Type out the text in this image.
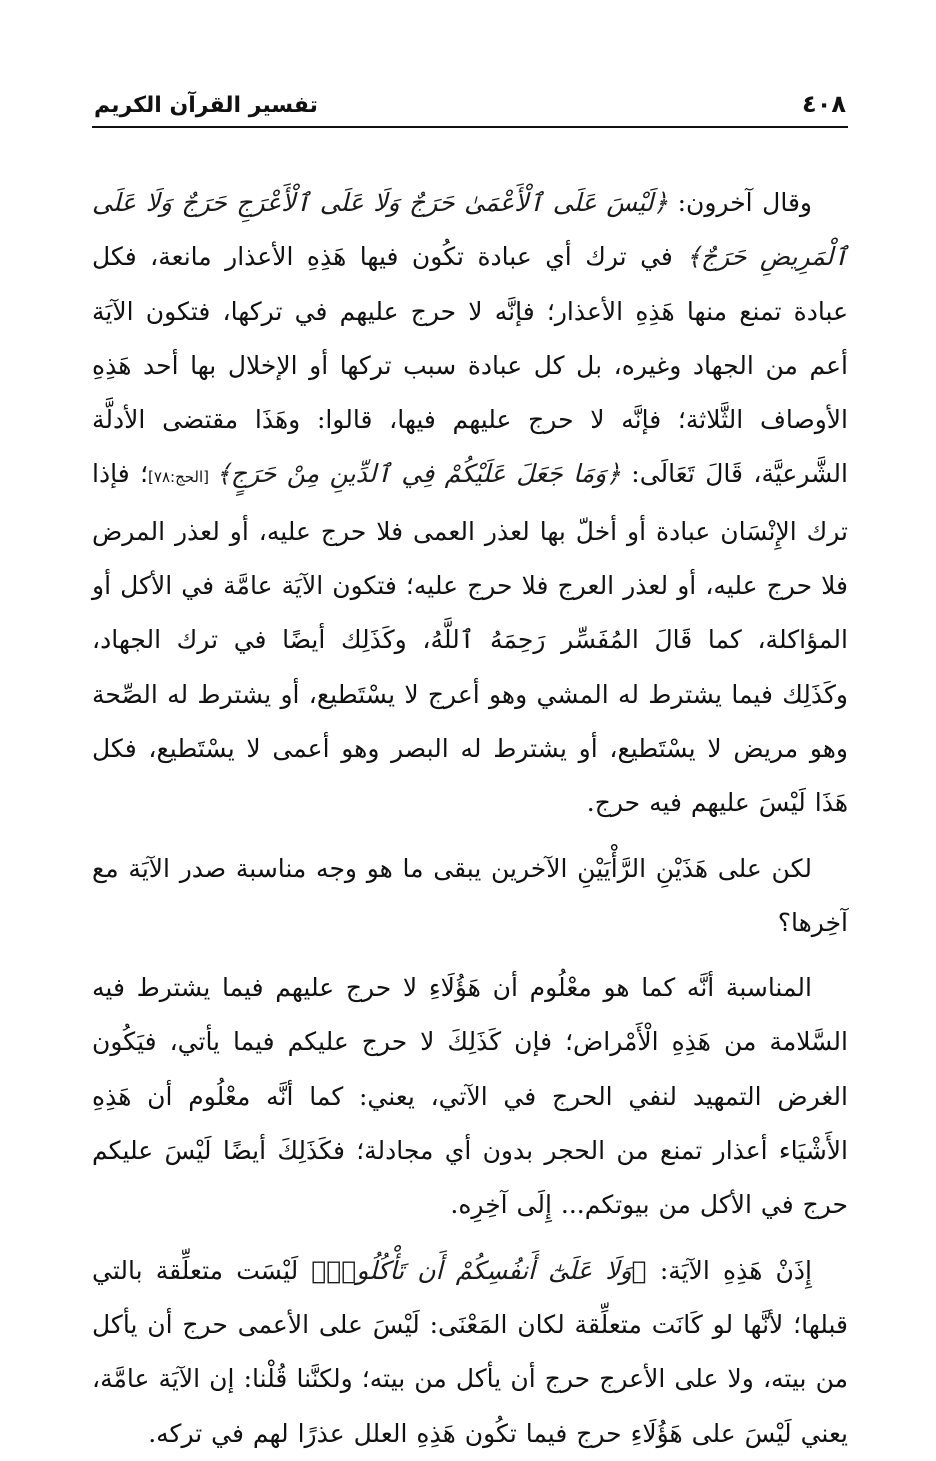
٤٠٨
تفسير القرآن الكريم

وقال آخرون: ﴿لَيْسَ عَلَى ٱلْأَعْمَىٰ حَرَجٌ وَلَا عَلَى ٱلْأَعْرَجِ حَرَجٌ وَلَا عَلَى ٱلْمَرِيضِ حَرَجٌ﴾ في ترك أي عبادة تكُون فيها هَذِهِ الأعذار مانعة، فكل عبادة تمنع منها هَذِهِ الأعذار؛ فإنَّه لا حرج عليهم في تركها، فتكون الآيَة أعم من الجهاد وغيره، بل كل عبادة سبب تركها أو الإخلال بها أحد هَذِهِ الأوصاف الثَّلاثة؛ فإنَّه لا حرج عليهم فيها، قالوا: وهَذَا مقتضى الأدلَّة الشَّرعيَّة، قَالَ تَعَالَى: ﴿وَمَا جَعَلَ عَلَيْكُمْ فِي ٱلدِّينِ مِنْ حَرَجٍ﴾ [الحج:٧٨]؛ فإذا ترك الإِنْسَان عبادة أو أخلّ بها لعذر العمى فلا حرج عليه، أو لعذر المرض فلا حرج عليه، أو لعذر العرج فلا حرج عليه؛ فتكون الآيَة عامَّة في الأكل أو المؤاكلة، كما قَالَ المُفَسِّر رَحِمَهُ ٱللَّهُ، وكَذَلِك أيضًا في ترك الجهاد، وكَذَلِك فيما يشترط له المشي وهو أعرج لا يسْتَطيع، أو يشترط له الصِّحة وهو مريض لا يسْتَطيع، أو يشترط له البصر وهو أعمى لا يسْتَطيع، فكل هَذَا لَيْسَ عليهم فيه حرج.

لكن على هَذَيْنِ الرَّأْيَيْنِ الآخرين يبقى ما هو وجه مناسبة صدر الآيَة مع آخِرها؟

المناسبة أنَّه كما هو معْلُوم أن هَؤُلَاءِ لا حرج عليهم فيما يشترط فيه السَّلامة من هَذِهِ الْأَمْراض؛ فإن كَذَلِكَ لا حرج عليكم فيما يأتي، فيَكُون الغرض التمهيد لنفي الحرج في الآتي، يعني: كما أنَّه معْلُوم أن هَذِهِ الأَشْيَاء أعذار تمنع من الحجر بدون أي مجادلة؛ فكَذَلِكَ أيضًا لَيْسَ عليكم حرج في الأكل من بيوتكم... إِلَى آخِرِه.

إِذَنْ هَذِهِ الآيَة: ﴿وَلَا عَلَىٰٓ أَنفُسِكُمْ أَن تَأْكُلُوا۟﴾ لَيْسَت متعلِّقة بالتي قبلها؛ لأنَّها لو كَانَت متعلِّقة لكان المَعْنَى: لَيْسَ على الأعمى حرج أن يأكل من بيته، ولا على الأعرج حرج أن يأكل من بيته؛ ولكنَّنا قُلْنا: إن الآيَة عامَّة، يعني لَيْسَ على هَؤُلَاءِ حرج فيما تكُون هَذِهِ العلل عذرًا لهم في تركه.
